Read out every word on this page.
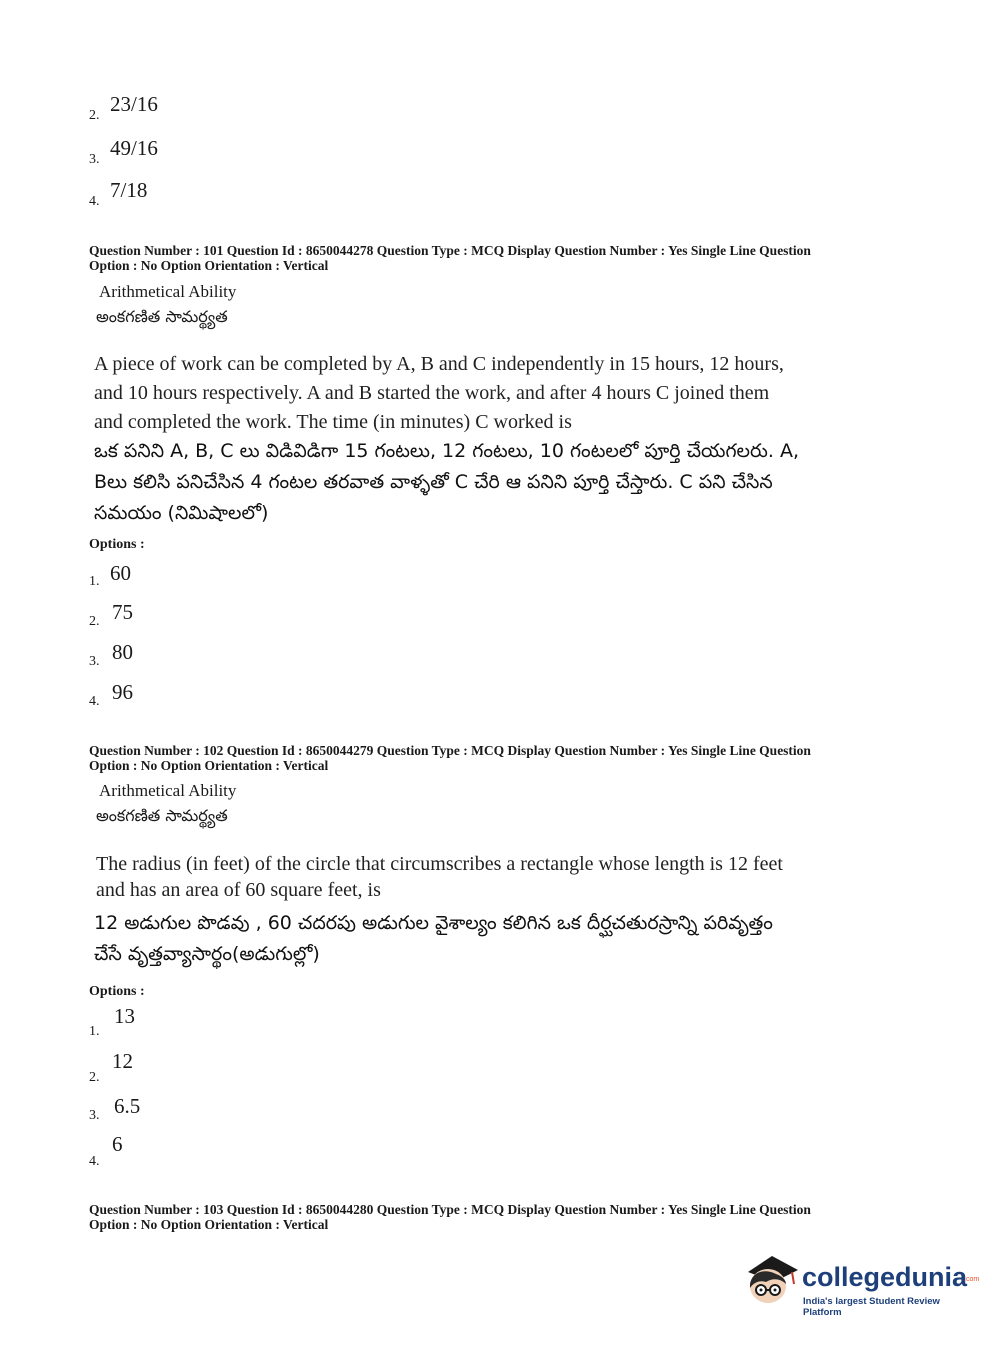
2. 23/16
3. 49/16
4. 7/18
Question Number : 101 Question Id : 8650044278 Question Type : MCQ Display Question Number : Yes Single Line Question
Option : No Option Orientation : Vertical
Arithmetical Ability
అంకగణిత సామర్థ్యత
A piece of work can be completed by A, B and C independently in 15 hours, 12 hours,
and 10 hours respectively. A and B started the work, and after 4 hours C joined them
and completed the work. The time (in minutes) C worked is
ఒక పనిని A, B, C లు విడివిడిగా 15 గంటలు, 12 గంటలు, 10 గంటలలో పూర్తి చేయగలరు. A,
Bలు కలిసి పనిచేసిన 4 గంటల తరవాత వాళ్ళతో C చేరి ఆ పనిని పూర్తి చేస్తారు. C పని చేసిన
సమయం (నిమిషాలలో)
Options :
1. 60
2. 75
3. 80
4. 96
Question Number : 102 Question Id : 8650044279 Question Type : MCQ Display Question Number : Yes Single Line Question
Option : No Option Orientation : Vertical
Arithmetical Ability
అంకగణిత సామర్థ్యత
The radius (in feet) of the circle that circumscribes a rectangle whose length is 12 feet
and has an area of 60 square feet, is
12 అడుగుల పొడవు , 60 చదరపు అడుగుల వైశాల్యం కలిగిన ఒక దీర్ఘచతురస్రాన్ని పరివృత్తం
చేసే వృత్తవ్యాసార్థం(అడుగుల్లో)
Options :
1.
13
2.
12
3. 6.5
4.
6
Question Number : 103 Question Id : 8650044280 Question Type : MCQ Display Question Number : Yes Single Line Question
Option : No Option Orientation : Vertical
collegedunia
.com
India's largest Student Review Platform
